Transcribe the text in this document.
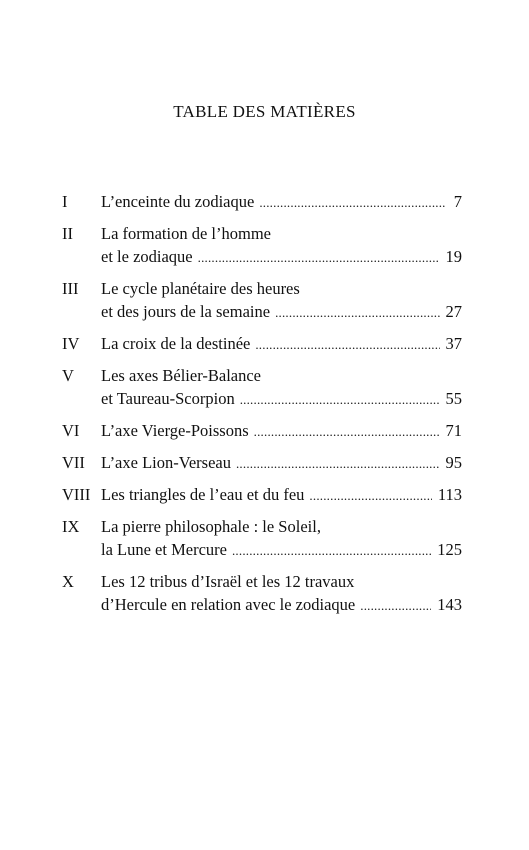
TABLE DES MATIÈRES
I	L’enceinte du zodiaque .....	7
II	La formation de l’homme
et le zodiaque .....	19
III	Le cycle planétaire des heures
et des jours de la semaine .....	27
IV	La croix de la destinée .....	37
V	Les axes Bélier-Balance
et Taureau-Scorpion .....	55
VI	L’axe Vierge-Poissons .....	71
VII L’axe Lion-Verseau .....	95
VIII Les triangles de l’eau et du feu .....	113
IX	La pierre philosophale : le Soleil,
la Lune et Mercure .....	125
X	Les 12 tribus d’Israël et les 12 travaux
d’Hercule en relation avec le zodiaque .....	143
